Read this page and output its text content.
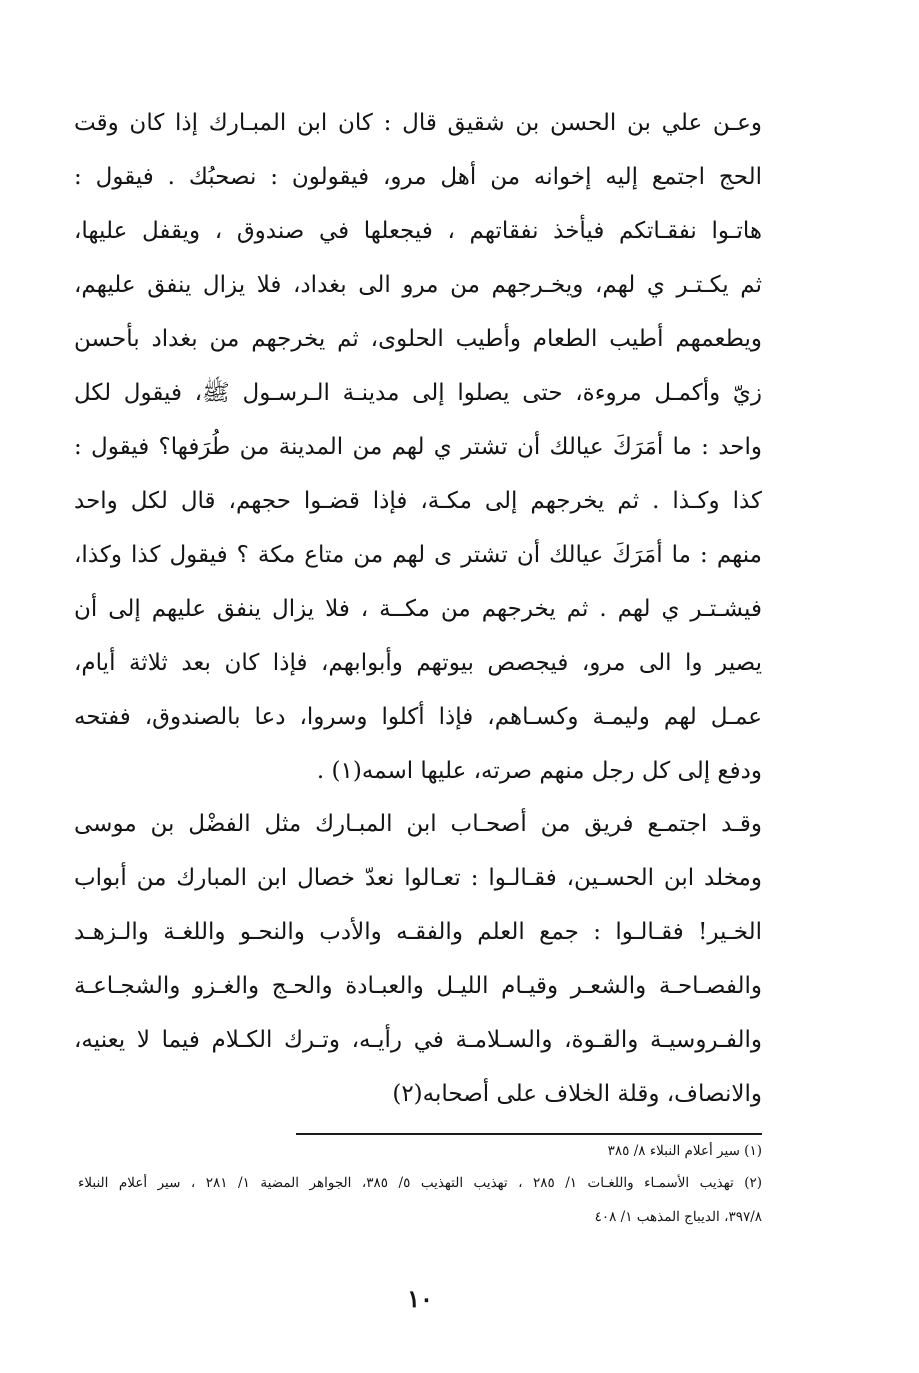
وعـن علي بن الحسن بن شقيق قال : كان ابن المبـارك إذا كان وقت
الحج اجتمع إليه إخوانه من أهل مرو، فيقولون : نصحبُك . فيقول :
هاتـوا نفقـاتكم فيأخذ نفقاتهم ، فيجعلها في صندوق ، ويقفل عليها،
ثم يكـتـر ي لهم، ويخـرجهم من مرو الى بغداد، فلا يزال ينفق عليهم،
ويطعمهم أطيب الطعام وأطيب الحلوى، ثم يخرجهم من بغداد بأحسن
زيّ وأكمـل مروءة، حتى يصلوا إلى مدينـة الـرسـول ﷺ، فيقول لكل
واحد : ما أمَرَكَ عيالك أن تشتر ي لهم من المدينة من طُرَفها؟ فيقول :
كذا وكـذا . ثم يخرجهم إلى مكـة، فإذا قضـوا حجهم، قال لكل واحد
منهم : ما أمَرَكَ عيالك أن تشتر ى لهم من متاع مكة ؟ فيقول كذا وكذا،
فيشـتـر ي لهم . ثم يخرجهم من مكــة ، فلا يزال ينفق عليهم إلى أن
يصير وا الى مرو، فيجصص بيوتهم وأبوابهم، فإذا كان بعد ثلاثة أيام،
عمـل لهم وليمـة وكسـاهم، فإذا أكلوا وسروا، دعا بالصندوق، ففتحه
ودفع إلى كل رجل منهم صرته، عليها اسمه(١) .
وقـد اجتمـع فريق من أصحـاب ابن المبـارك مثل الفضْل بن موسى
ومخلد ابن الحسـين، فقـالـوا : تعـالوا نعدّ خصال ابن المبارك من أبواب
الخـير! فقـالـوا : جمع العلم والفقـه والأدب والنحـو واللغـة والـزهـد
والفصـاحـة والشعـر وقيـام الليـل والعبـادة والحـج والغـزو والشجـاعـة
والفـروسيـة والقـوة، والسـلامـة في رأيـه، وتـرك الكـلام فيما لا يعنيه،
والانصاف، وقلة الخلاف على أصحابه(٢)
(١) سير أعلام النبلاء ٨/ ٣٨٥
(٢) تهذيب الأسمـاء واللغـات ١/ ٢٨٥ ، تهذيب التهذيب ٥/ ٣٨٥، الجواهر المضية ١/ ٢٨١ ، سير أعلام النبلاء
٣٩٧/٨، الديباج المذهب ١/ ٤٠٨
١٠
